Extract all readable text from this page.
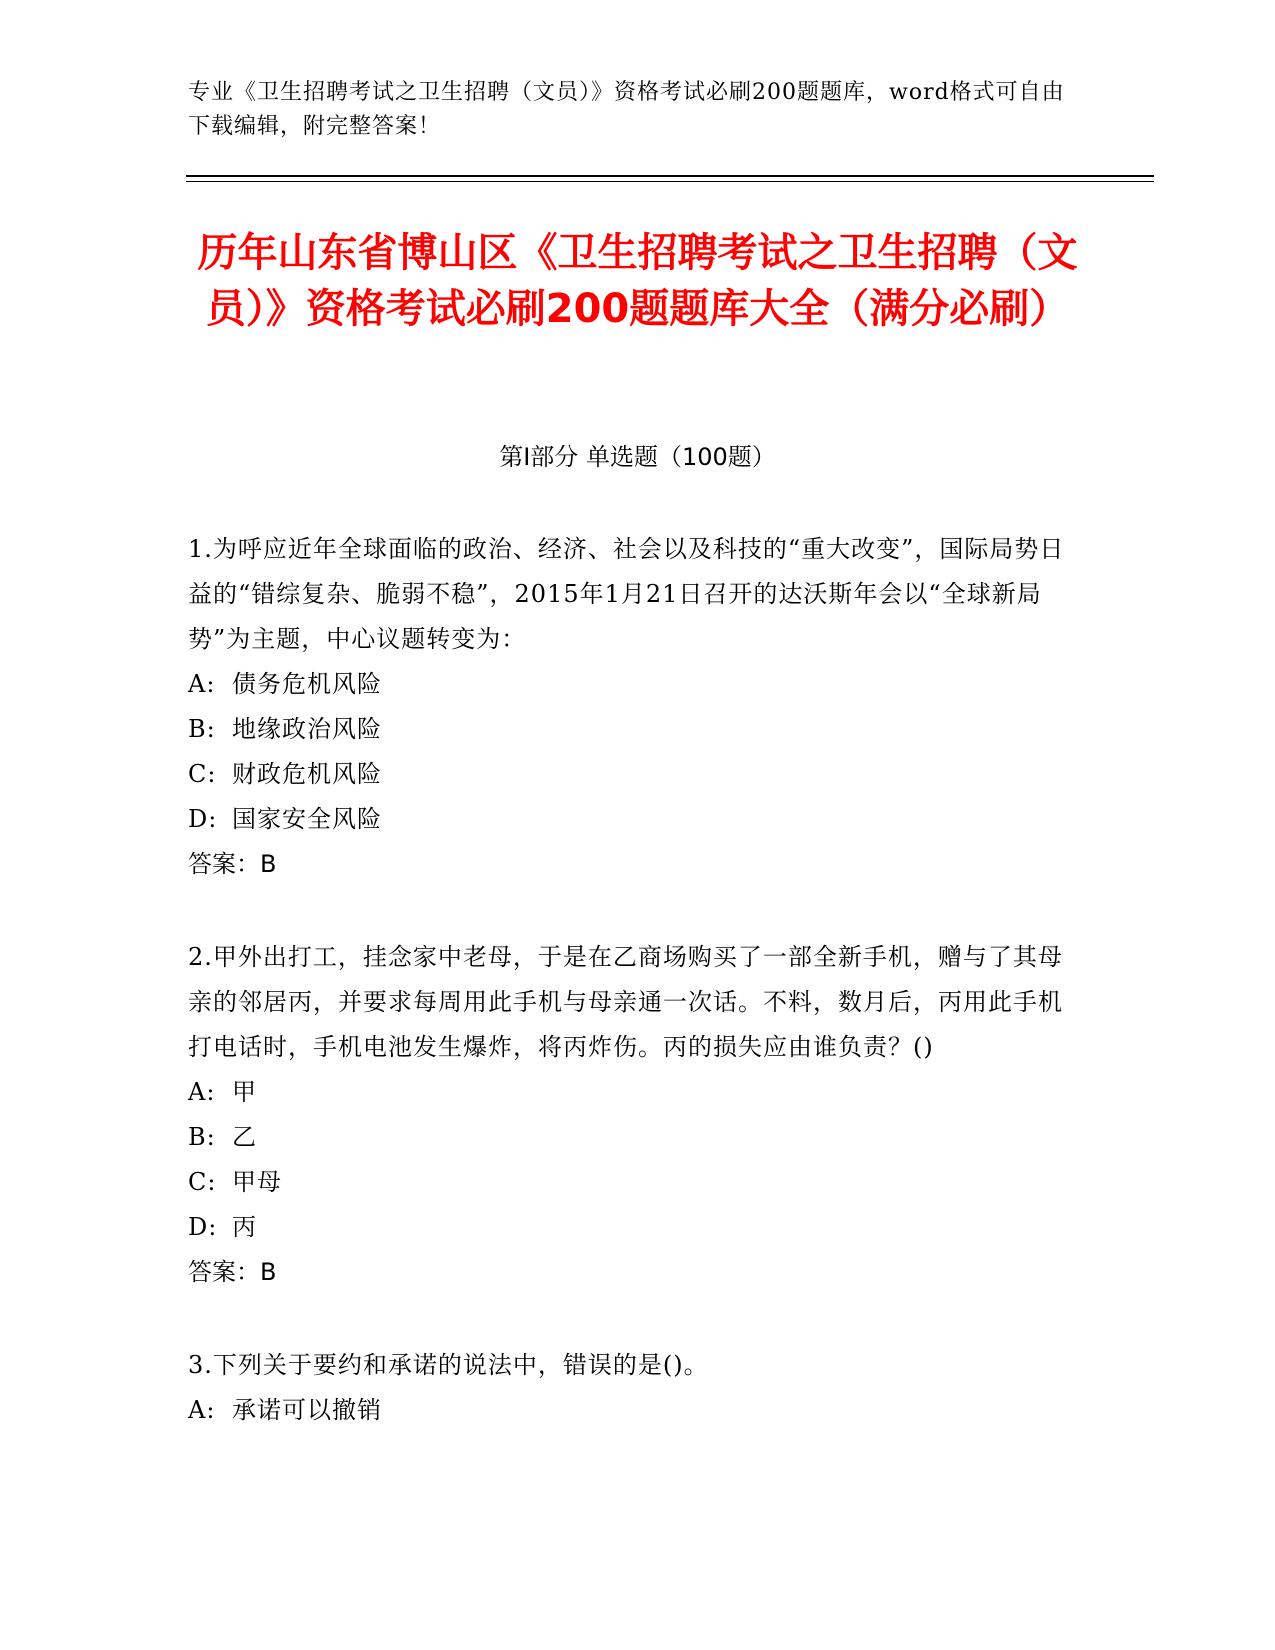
专业《卫生招聘考试之卫生招聘（文员）》资格考试必刷200题题库，word格式可自由下载编辑，附完整答案！
历年山东省博山区《卫生招聘考试之卫生招聘（文员）》资格考试必刷200题题库大全（满分必刷）
第Ⅰ部分 单选题（100题）
1.为呼应近年全球面临的政治、经济、社会以及科技的“重大改变”，国际局势日益的“错综复杂、脆弱不稳”，2015年1月21日召开的达沃斯年会以“全球新局势”为主题，中心议题转变为：
A: 债务危机风险
B: 地缘政治风险
C: 财政危机风险
D: 国家安全风险
答案：B
2.甲外出打工，挂念家中老母，于是在乙商场购买了一部全新手机，赠与了其母亲的邻居丙，并要求每周用此手机与母亲通一次话。不料，数月后，丙用此手机打电话时，手机电池发生爆炸，将丙炸伤。丙的损失应由谁负责？()
A: 甲
B: 乙
C: 甲母
D: 丙
答案：B
3.下列关于要约和承诺的说法中，错误的是()。
A: 承诺可以撤销
